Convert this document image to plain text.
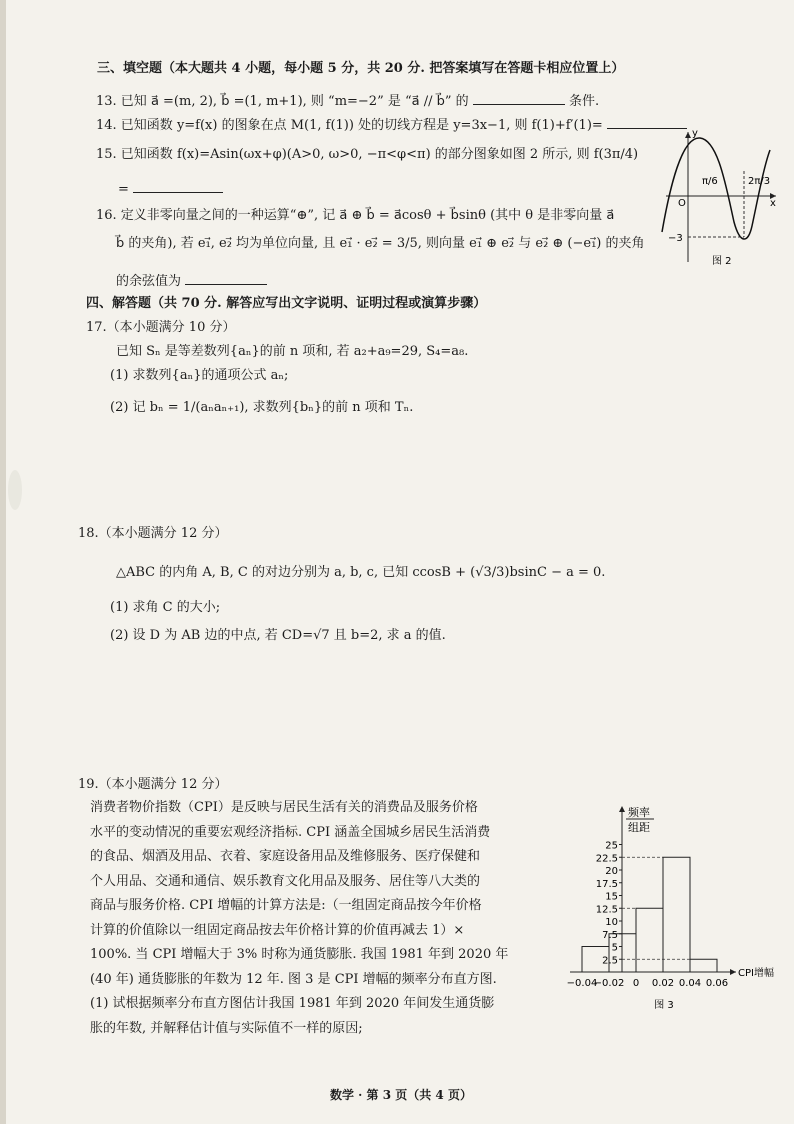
三、填空题（本大题共 4 小题，每小题 5 分，共 20 分. 把答案填写在答题卡相应位置上）
13. 已知 a⃗ =(m, 2), b⃗ =(1, m+1), 则 “m=−2” 是 “a⃗ // b⃗” 的	条件.
14. 已知函数 y=f(x) 的图象在点 M(1, f(1)) 处的切线方程是 y=3x−1, 则 f(1)+f′(1)=
15. 已知函数 f(x)=Asin(ωx+φ)(A>0, ω>0, −π<φ<π) 的部分图象如图 2 所示, 则 f(3π/4)
=
16. 定义非零向量之间的一种运算“⊕”, 记 a⃗ ⊕ b⃗ = a⃗cosθ + b⃗sinθ (其中 θ 是非零向量 a⃗
b⃗ 的夹角), 若 e₁⃗, e₂⃗ 均为单位向量, 且 e₁⃗ · e₂⃗ = 3/5, 则向量 e₁⃗ ⊕ e₂⃗ 与 e₂⃗ ⊕ (−e₁⃗) 的夹角
的余弦值为
y
x
O
π/6	2π/3
−3
图 2
四、解答题（共 70 分. 解答应写出文字说明、证明过程或演算步骤）
17.（本小题满分 10 分）
已知 Sₙ 是等差数列{aₙ}的前 n 项和, 若 a₂+a₉=29, S₄=a₈.
(1) 求数列{aₙ}的通项公式 aₙ;
(2) 记 bₙ = 1/(aₙaₙ₊₁), 求数列{bₙ}的前 n 项和 Tₙ.
18.（本小题满分 12 分）
△ABC 的内角 A, B, C 的对边分别为 a, b, c, 已知 ccosB + (√3/3)bsinC − a = 0.
(1) 求角 C 的大小;
(2) 设 D 为 AB 边的中点, 若 CD=√7 且 b=2, 求 a 的值.
19.（本小题满分 12 分）
消费者物价指数（CPI）是反映与居民生活有关的消费品及服务价格
水平的变动情况的重要宏观经济指标. CPI 涵盖全国城乡居民生活消费
的食品、烟酒及用品、衣着、家庭设备用品及维修服务、医疗保健和
个人用品、交通和通信、娱乐教育文化用品及服务、居住等八大类的
商品与服务价格. CPI 增幅的计算方法是:（一组固定商品按今年价格
计算的价值除以一组固定商品按去年价格计算的价值再减去 1）×
100%. 当 CPI 增幅大于 3% 时称为通货膨胀. 我国 1981 年到 2020 年
(40 年) 通货膨胀的年数为 12 年. 图 3 是 CPI 增幅的频率分布直方图.
(1) 试根据频率分布直方图估计我国 1981 年到 2020 年间发生通货膨
胀的年数, 并解释估计值与实际值不一样的原因;
2.5
5
7.5
10
12.5
15
17.5
20
22.5
25
−0.04
−0.02 0 0.02 0.04 0.06
频率
组距
CPI增幅
图 3
数学 · 第 3 页（共 4 页）
